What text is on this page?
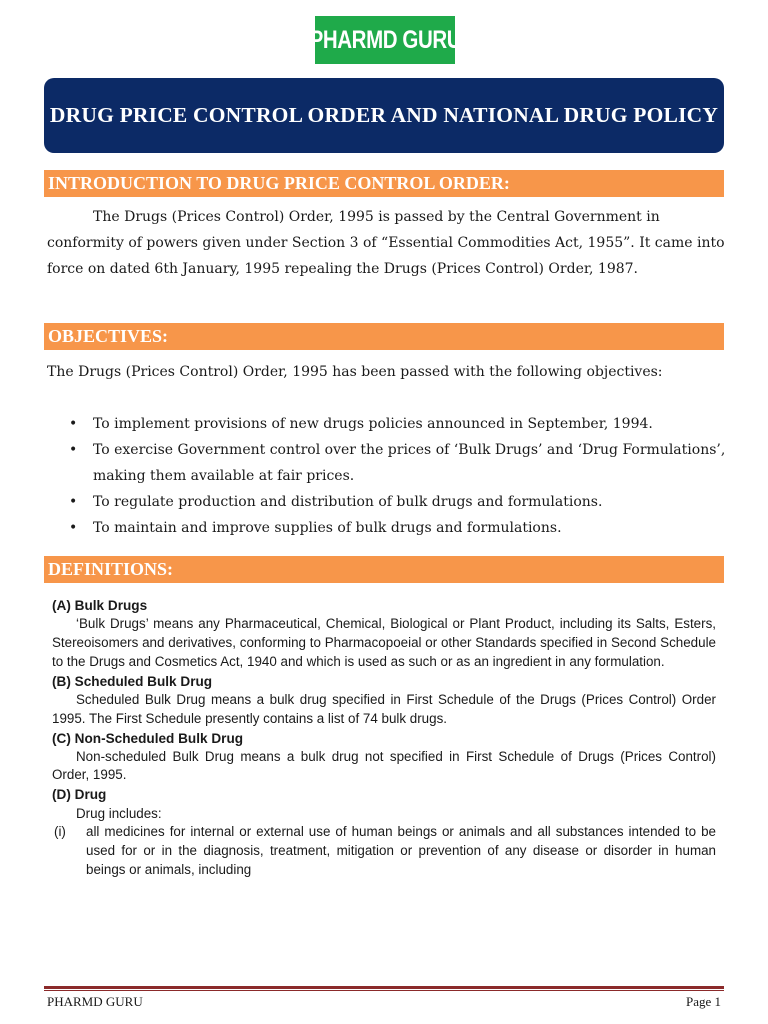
PHARMD GURU
DRUG PRICE CONTROL ORDER AND NATIONAL DRUG POLICY
INTRODUCTION TO DRUG PRICE CONTROL ORDER:

The Drugs (Prices Control) Order, 1995 is passed by the Central Government in conformity of powers given under Section 3 of “Essential Commodities Act, 1955”. It came into force on dated 6th January, 1995 repealing the Drugs (Prices Control) Order, 1987.

OBJECTIVES:

The Drugs (Prices Control) Order, 1995 has been passed with the following objectives:

• To implement provisions of new drugs policies announced in September, 1994.
• To exercise Government control over the prices of ‘Bulk Drugs’ and ‘Drug Formulations’, making them available at fair prices.
• To regulate production and distribution of bulk drugs and formulations.
• To maintain and improve supplies of bulk drugs and formulations.
DEFINITIONS:
(A) Bulk Drugs
‘Bulk Drugs’ means any Pharmaceutical, Chemical, Biological or Plant Product, including its Salts, Esters, Stereoisomers and derivatives, conforming to Pharmacopoeial or other Standards specified in Second Schedule to the Drugs and Cosmetics Act, 1940 and which is used as such or as an ingredient in any formulation.
(B) Scheduled Bulk Drug
Scheduled Bulk Drug means a bulk drug specified in First Schedule of the Drugs (Prices Control) Order 1995. The First Schedule presently contains a list of 74 bulk drugs.
(C) Non-Scheduled Bulk Drug
Non-scheduled Bulk Drug means a bulk drug not specified in First Schedule of Drugs (Prices Control) Order, 1995.
(D) Drug
Drug includes:
(i)	all medicines for internal or external use of human beings or animals and all substances intended to be used for or in the diagnosis, treatment, mitigation or prevention of any disease or disorder in human beings or animals, including
PHARMD GURU	Page 1
